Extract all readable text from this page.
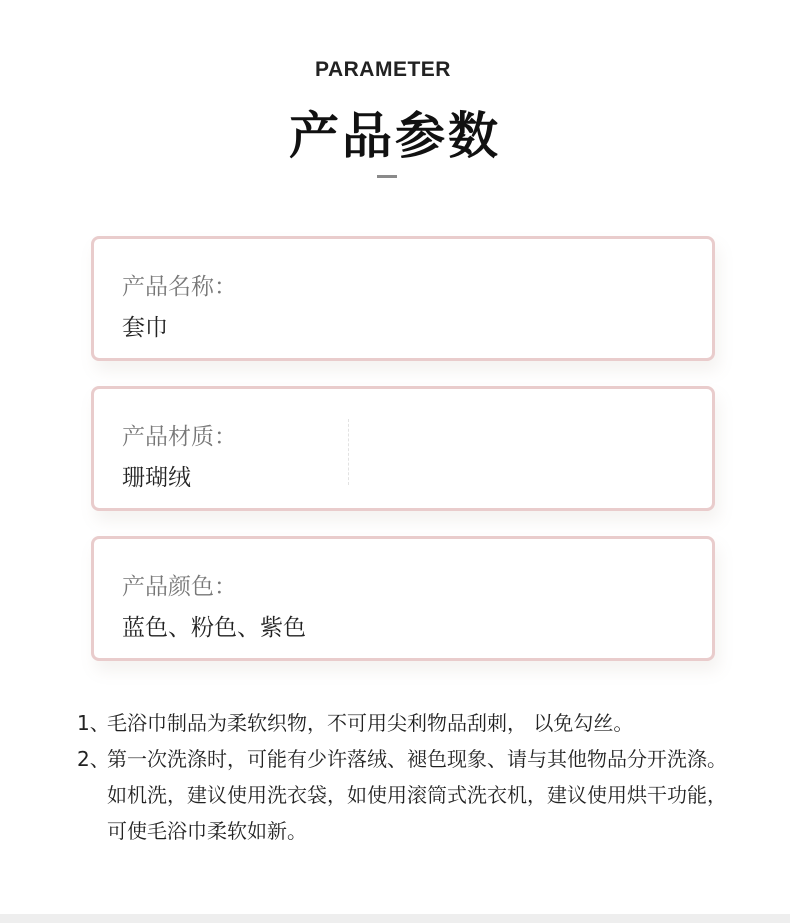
PARAMETER
产品参数
产品名称：
套巾
产品材质：
珊瑚绒
产品颜色：
蓝色、粉色、紫色
1、
毛浴巾制品为柔软织物，不可用尖利物品刮刺， 以免勾丝。
2、
第一次洗涤时，可能有少许落绒、褪色现象、请与其他物品分开洗涤。如机洗，建议使用洗衣袋，如使用滚筒式洗衣机，建议使用烘干功能，可使毛浴巾柔软如新。
